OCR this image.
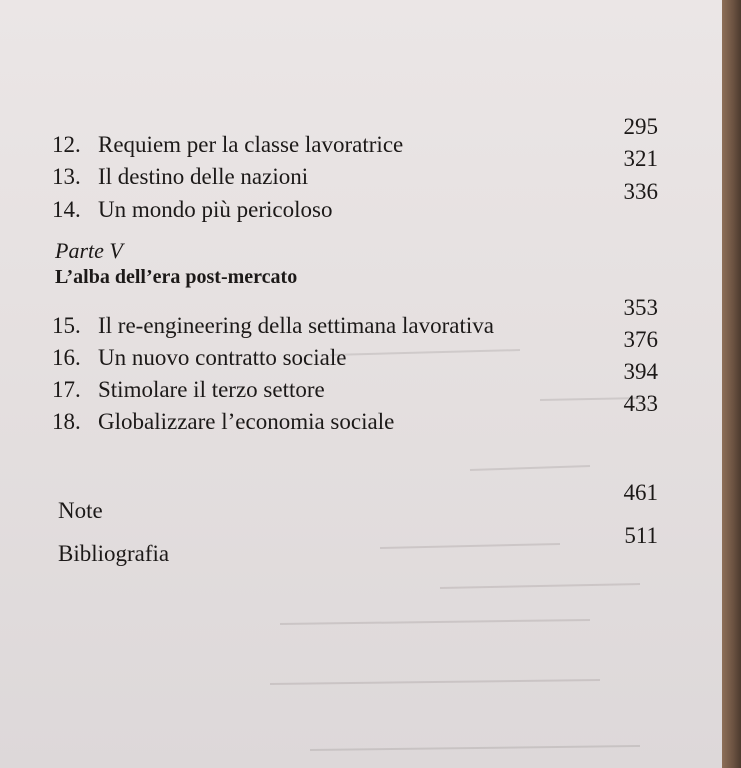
12. Requiem per la classe lavoratrice
295
13. Il destino delle nazioni
321
14. Un mondo più pericoloso
336
Parte V
L’alba dell’era post-mercato
15. Il re-engineering della settimana lavorativa
353
16. Un nuovo contratto sociale
376
17. Stimolare il terzo settore
394
18. Globalizzare l’economia sociale
433
Note
461
Bibliografia
511
